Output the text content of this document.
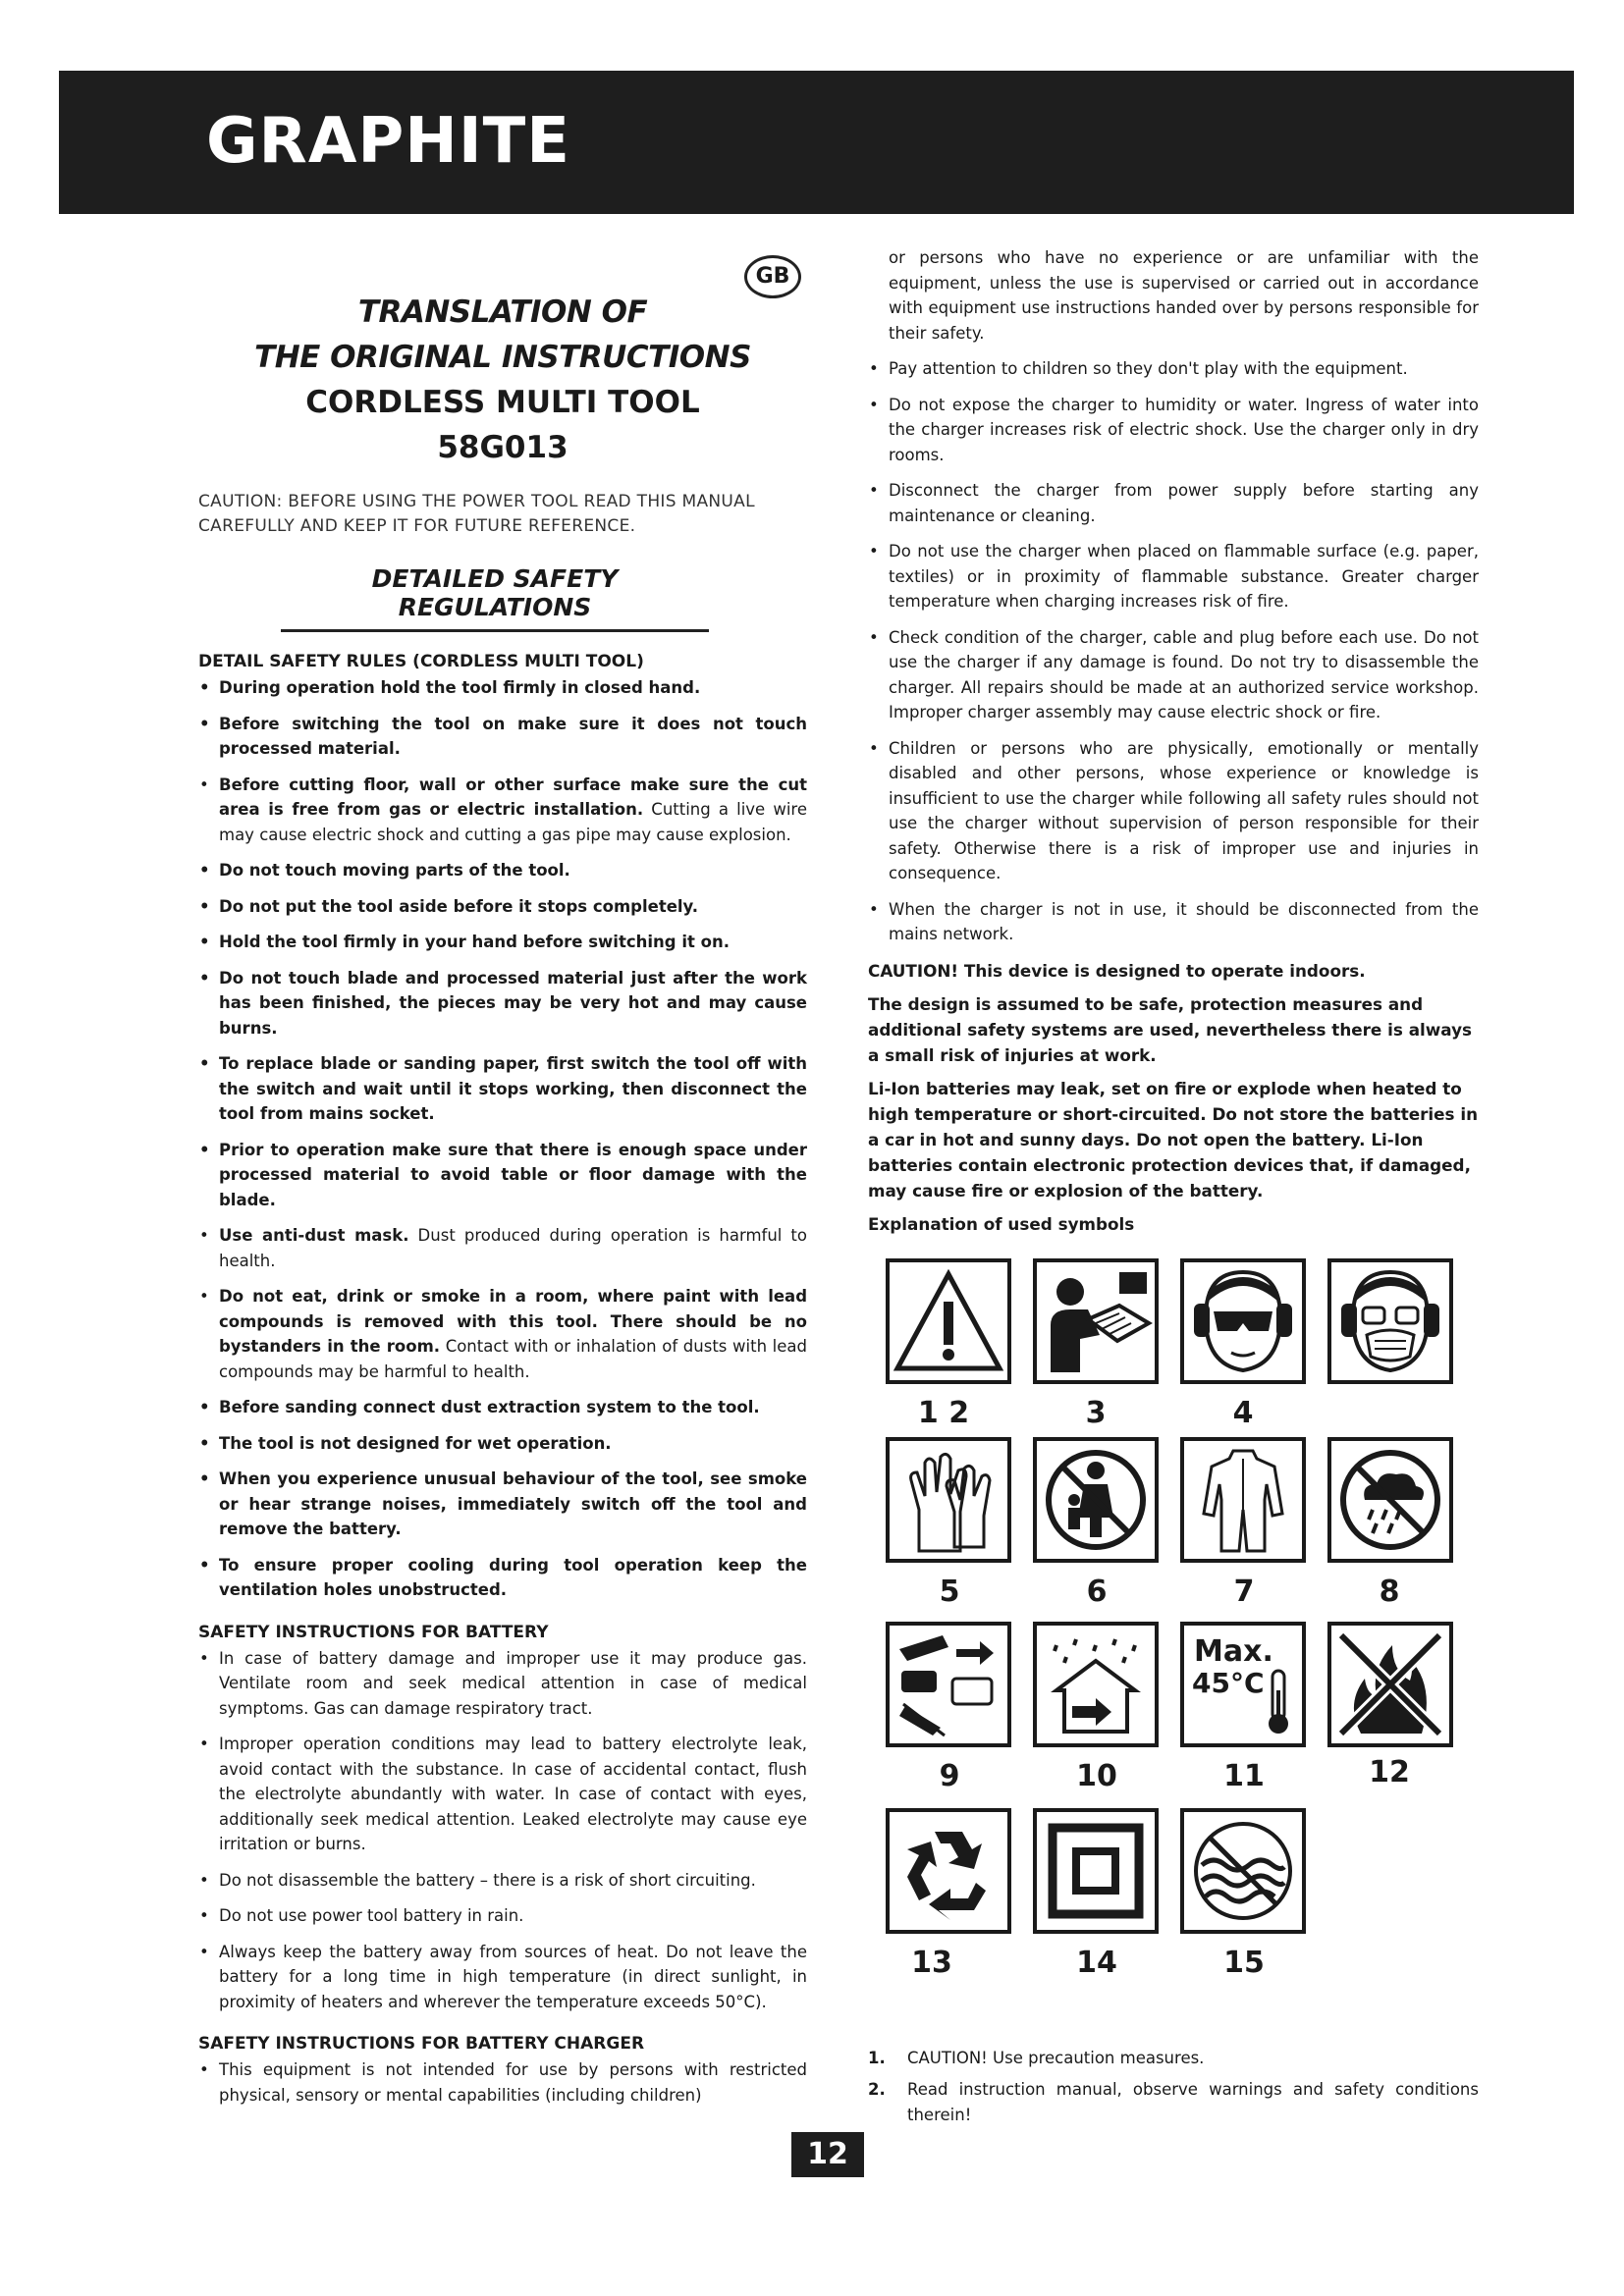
GRAPHITE
GB
TRANSLATION OF
THE ORIGINAL INSTRUCTIONS
CORDLESS MULTI TOOL
58G013
CAUTION: BEFORE USING THE POWER TOOL READ THIS MANUAL CAREFULLY AND KEEP IT FOR FUTURE REFERENCE.
DETAILED SAFETY REGULATIONS
DETAIL SAFETY RULES (CORDLESS MULTI TOOL)
• During operation hold the tool firmly in closed hand.
• Before switching the tool on make sure it does not touch processed material.
• Before cutting floor, wall or other surface make sure the cut area is free from gas or electric installation. Cutting a live wire may cause electric shock and cutting a gas pipe may cause explosion.
• Do not touch moving parts of the tool.
• Do not put the tool aside before it stops completely.
• Hold the tool firmly in your hand before switching it on.
• Do not touch blade and processed material just after the work has been finished, the pieces may be very hot and may cause burns.
• To replace blade or sanding paper, first switch the tool off with the switch and wait until it stops working, then disconnect the tool from mains socket.
• Prior to operation make sure that there is enough space under processed material to avoid table or floor damage with the blade.
• Use anti-dust mask. Dust produced during operation is harmful to health.
• Do not eat, drink or smoke in a room, where paint with lead compounds is removed with this tool. There should be no bystanders in the room. Contact with or inhalation of dusts with lead compounds may be harmful to health.
• Before sanding connect dust extraction system to the tool.
• The tool is not designed for wet operation.
• When you experience unusual behaviour of the tool, see smoke or hear strange noises, immediately switch off the tool and remove the battery.
• To ensure proper cooling during tool operation keep the ventilation holes unobstructed.
SAFETY INSTRUCTIONS FOR BATTERY
• In case of battery damage and improper use it may produce gas. Ventilate room and seek medical attention in case of medical symptoms. Gas can damage respiratory tract.
• Improper operation conditions may lead to battery electrolyte leak, avoid contact with the substance. In case of accidental contact, flush the electrolyte abundantly with water. In case of contact with eyes, additionally seek medical attention. Leaked electrolyte may cause eye irritation or burns.
• Do not disassemble the battery – there is a risk of short circuiting.
• Do not use power tool battery in rain.
• Always keep the battery away from sources of heat. Do not leave the battery for a long time in high temperature (in direct sunlight, in proximity of heaters and wherever the temperature exceeds 50°C).
SAFETY INSTRUCTIONS FOR BATTERY CHARGER
• This equipment is not intended for use by persons with restricted physical, sensory or mental capabilities (including children)
or persons who have no experience or are unfamiliar with the equipment, unless the use is supervised or carried out in accordance with equipment use instructions handed over by persons responsible for their safety.
• Pay attention to children so they don't play with the equipment.
• Do not expose the charger to humidity or water. Ingress of water into the charger increases risk of electric shock. Use the charger only in dry rooms.
• Disconnect the charger from power supply before starting any maintenance or cleaning.
• Do not use the charger when placed on flammable surface (e.g. paper, textiles) or in proximity of flammable substance. Greater charger temperature when charging increases risk of fire.
• Check condition of the charger, cable and plug before each use. Do not use the charger if any damage is found. Do not try to disassemble the charger. All repairs should be made at an authorized service workshop. Improper charger assembly may cause electric shock or fire.
• Children or persons who are physically, emotionally or mentally disabled and other persons, whose experience or knowledge is insufficient to use the charger while following all safety rules should not use the charger without supervision of person responsible for their safety. Otherwise there is a risk of improper use and injuries in consequence.
• When the charger is not in use, it should be disconnected from the mains network.
CAUTION! This device is designed to operate indoors.
The design is assumed to be safe, protection measures and additional safety systems are used, nevertheless there is always a small risk of injuries at work.
Li-Ion batteries may leak, set on fire or explode when heated to high temperature or short-circuited. Do not store the batteries in a car in hot and sunny days. Do not open the battery. Li-Ion batteries contain electronic protection devices that, if damaged, may cause fire or explosion of the battery.
Explanation of used symbols
1 2	3	4
5	6	7	8
Max.
45°C
9	10	11	12
13	14	15
1. CAUTION! Use precaution measures.
2. Read instruction manual, observe warnings and safety conditions therein!
12
